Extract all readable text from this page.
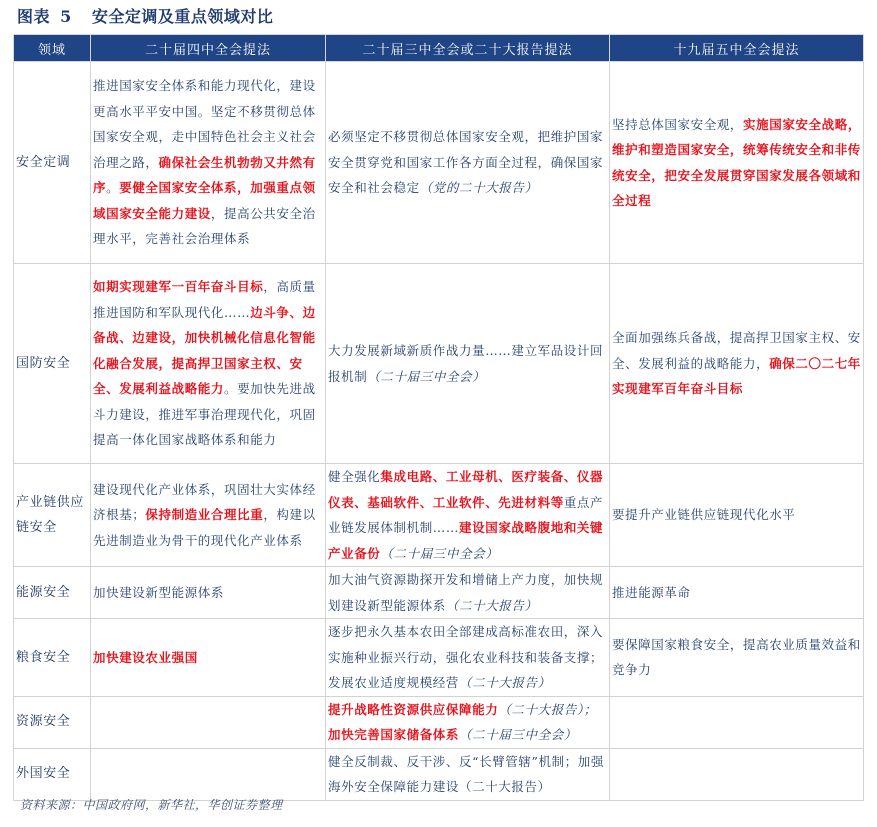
图表 5 安全定调及重点领域对比
领域	二十届四中全会提法	二十届三中全会或二十大报告提法	十九届五中全会提法
安全定调	推进国家安全体系和能力现代化，建设更高水平平安中国。坚定不移贯彻总体国家安全观，走中国特色社会主义社会治理之路，确保社会生机勃勃又井然有序。要健全国家安全体系，加强重点领域国家安全能力建设，提高公共安全治理水平，完善社会治理体系	必须坚定不移贯彻总体国家安全观，把维护国家安全贯穿党和国家工作各方面全过程，确保国家安全和社会稳定（党的二十大报告）	坚持总体国家安全观，实施国家安全战略，维护和塑造国家安全，统筹传统安全和非传统安全，把安全发展贯穿国家发展各领域和全过程
国防安全	如期实现建军一百年奋斗目标，高质量推进国防和军队现代化……边斗争、边备战、边建设，加快机械化信息化智能化融合发展，提高捍卫国家主权、安全、发展利益战略能力。要加快先进战斗力建设，推进军事治理现代化，巩固提高一体化国家战略体系和能力	大力发展新域新质作战力量……建立军品设计回报机制（二十届三中全会）	全面加强练兵备战，提高捍卫国家主权、安全、发展利益的战略能力，确保二〇二七年实现建军百年奋斗目标
产业链供应链安全	建设现代化产业体系，巩固壮大实体经济根基；保持制造业合理比重，构建以先进制造业为骨干的现代化产业体系	健全强化集成电路、工业母机、医疗装备、仪器仪表、基础软件、工业软件、先进材料等重点产业链发展体制机制……建设国家战略腹地和关键产业备份（二十届三中全会）	要提升产业链供应链现代化水平
能源安全	加快建设新型能源体系	加大油气资源勘探开发和增储上产力度，加快规划建设新型能源体系（二十大报告）	推进能源革命
粮食安全	加快建设农业强国	逐步把永久基本农田全部建成高标准农田，深入实施种业振兴行动，强化农业科技和装备支撑；发展农业适度规模经营（二十大报告）	要保障国家粮食安全，提高农业质量效益和竞争力
资源安全		提升战略性资源供应保障能力（二十大报告）；加快完善国家储备体系（二十届三中全会）	
外国安全		健全反制裁、反干涉、反“长臂管辖”机制；加强海外安全保障能力建设（二十大报告）	
资料来源：中国政府网，新华社，华创证券整理
